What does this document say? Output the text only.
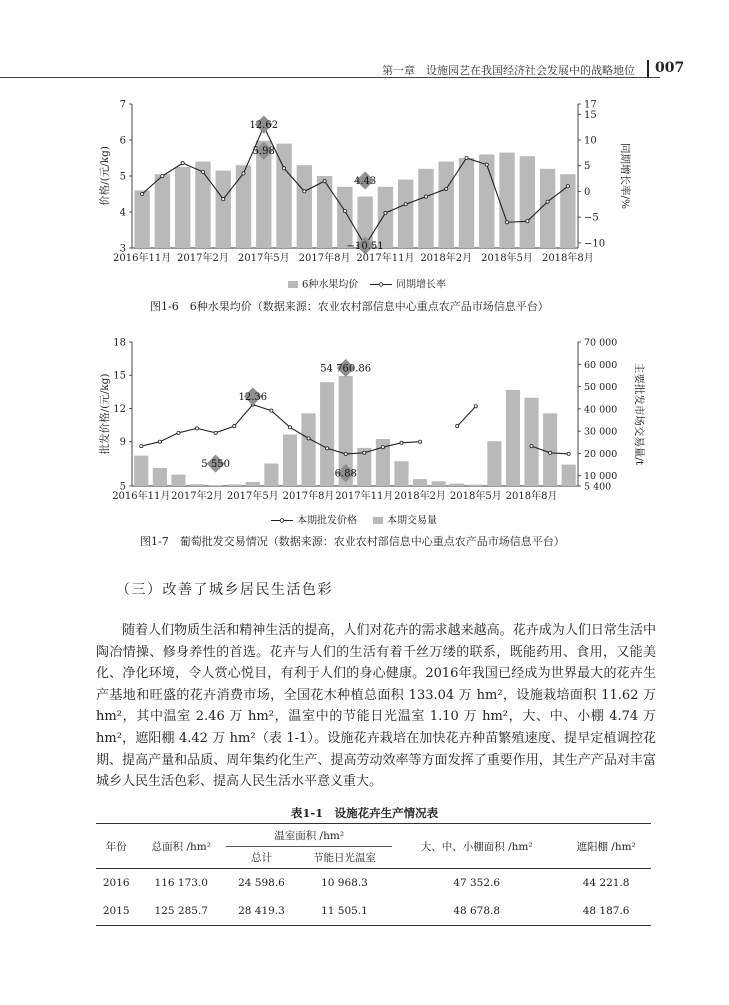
第一章　设施园艺在我国经济社会发展中的战略地位 007
3
4
5
6
7
−10
−5
0
5
10
15
17
12.62
5.98
4.43
−10.51
2016年11月 2017年2月 2017年5月 2017年8月 2017年11月 2018年2月 2018年5月 2018年8月
价格/(元/kg)	同期增长率/%
6种水果均价	同期增长率
图1-6　6种水果均价（数据来源：农业农村部信息中心重点农产品市场信息平台）
5
9
12
15
18
5 400
10 000
20 000
30 000
40 000
50 000
60 000
70 000
54 760.86
12.36
6.88
5 550
2016年11月 2017年2月 2017年5月 2017年8月 2017年11月 2018年2月 2018年5月 2018年8月
批发价格/(元/kg)	主要批发市场交易量/t
本期批发价格	本期交易量
图1-7　葡萄批发交易情况（数据来源：农业农村部信息中心重点农产品市场信息平台）
（三）改善了城乡居民生活色彩

随着人们物质生活和精神生活的提高，人们对花卉的需求越来越高。花卉成为人们日常生活中陶冶情操、修身养性的首选。花卉与人们的生活有着千丝万缕的联系，既能药用、食用，又能美化、净化环境，令人赏心悦目，有利于人们的身心健康。2016年我国已经成为世界最大的花卉生产基地和旺盛的花卉消费市场，全国花木种植总面积 133.04 万 hm²，设施栽培面积 11.62 万 hm²，其中温室 2.46 万 hm²，温室中的节能日光温室 1.10 万 hm²，大、中、小棚 4.74 万 hm²，遮阳棚 4.42 万 hm²（表 1-1）。设施花卉栽培在加快花卉种苗繁殖速度、提早定植调控花期、提高产量和品质、周年集约化生产、提高劳动效率等方面发挥了重要作用，其生产产品对丰富城乡人民生活色彩、提高人民生活水平意义重大。

表1-1　设施花卉生产情况表
年份	总面积 /hm²	温室面积 /hm²		大、中、小棚面积 /hm²	遮阳棚 /hm²
		总计	节能日光温室		
2016	116 173.0	24 598.6	10 968.3	47 352.6	44 221.8
2015	125 285.7	28 419.3	11 505.1	48 678.8	48 187.6
